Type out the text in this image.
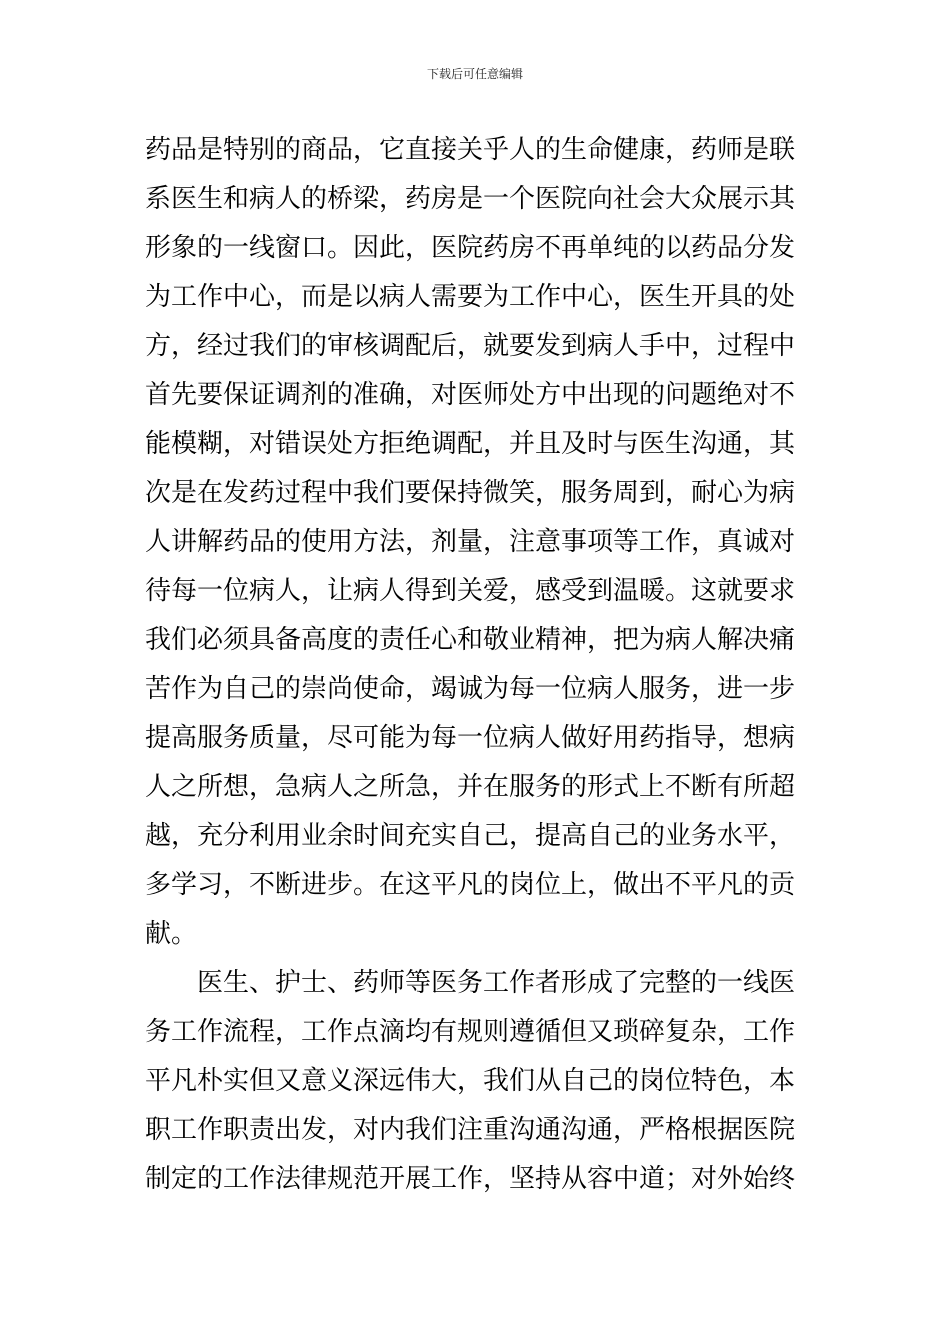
下载后可任意编辑
药品是特别的商品，它直接关乎人的生命健康，药师是联
系医生和病人的桥梁，药房是一个医院向社会大众展示其
形象的一线窗口。因此，医院药房不再单纯的以药品分发
为工作中心，而是以病人需要为工作中心，医生开具的处
方，经过我们的审核调配后，就要发到病人手中，过程中
首先要保证调剂的准确，对医师处方中出现的问题绝对不
能模糊，对错误处方拒绝调配，并且及时与医生沟通，其
次是在发药过程中我们要保持微笑，服务周到，耐心为病
人讲解药品的使用方法，剂量，注意事项等工作，真诚对
待每一位病人，让病人得到关爱，感受到温暖。这就要求
我们必须具备高度的责任心和敬业精神，把为病人解决痛
苦作为自己的崇尚使命，竭诚为每一位病人服务，进一步
提高服务质量，尽可能为每一位病人做好用药指导，想病
人之所想，急病人之所急，并在服务的形式上不断有所超
越，充分利用业余时间充实自己，提高自己的业务水平，
多学习，不断进步。在这平凡的岗位上，做出不平凡的贡
献。
　　医生、护士、药师等医务工作者形成了完整的一线医
务工作流程，工作点滴均有规则遵循但又琐碎复杂，工作
平凡朴实但又意义深远伟大，我们从自己的岗位特色，本
职工作职责出发，对内我们注重沟通沟通，严格根据医院
制定的工作法律规范开展工作，坚持从容中道；对外始终
